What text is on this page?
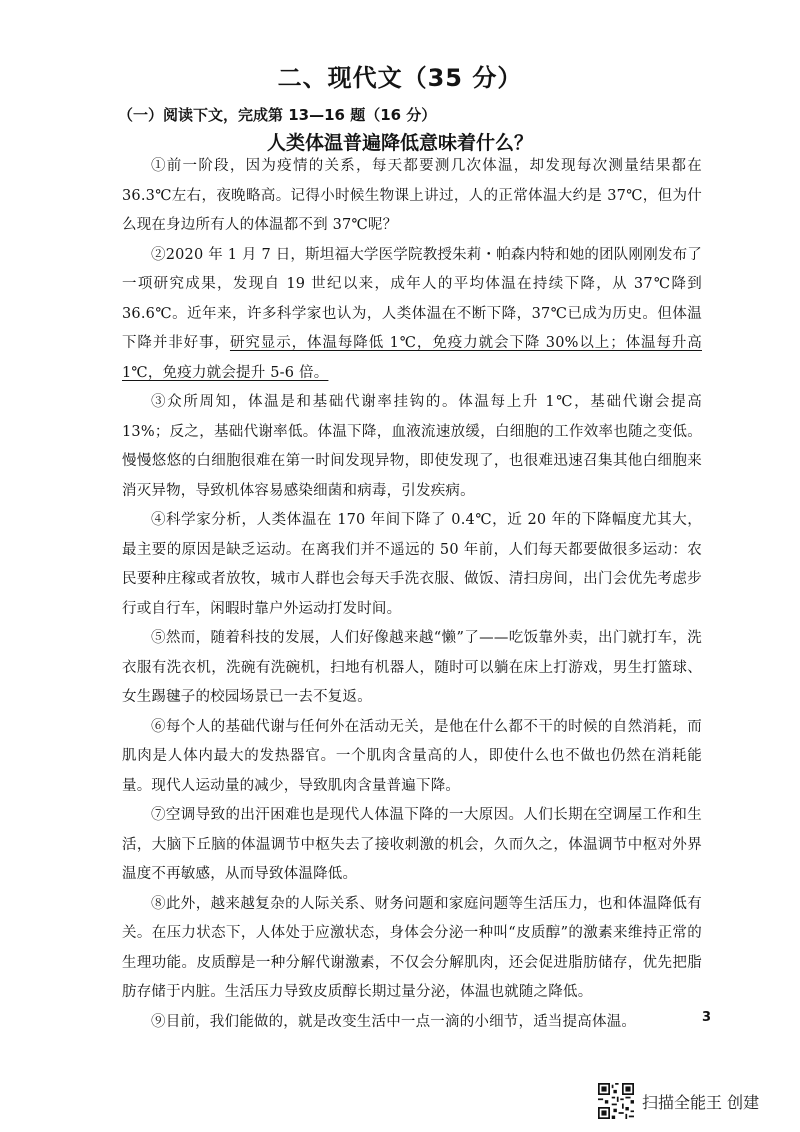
二、现代文（35 分）
（一）阅读下文，完成第 13—16 题（16 分）
人类体温普遍降低意味着什么？

①前一阶段，因为疫情的关系，每天都要测几次体温，却发现每次测量结果都在 36.3℃左右，夜晚略高。记得小时候生物课上讲过，人的正常体温大约是 37℃，但为什么现在身边所有人的体温都不到 37℃呢？

②2020 年 1 月 7 日，斯坦福大学医学院教授朱莉・帕森内特和她的团队刚刚发布了一项研究成果，发现自 19 世纪以来，成年人的平均体温在持续下降，从 37℃降到 36.6℃。近年来，许多科学家也认为，人类体温在不断下降，37℃已成为历史。但体温下降并非好事，研究显示，体温每降低 1℃，免疫力就会下降 30%以上；体温每升高 1℃，免疫力就会提升 5-6 倍。

③众所周知，体温是和基础代谢率挂钩的。体温每上升 1℃，基础代谢会提高 13%；反之，基础代谢率低。体温下降，血液流速放缓，白细胞的工作效率也随之变低。慢慢悠悠的白细胞很难在第一时间发现异物，即使发现了，也很难迅速召集其他白细胞来消灭异物，导致机体容易感染细菌和病毒，引发疾病。

④科学家分析，人类体温在 170 年间下降了 0.4℃，近 20 年的下降幅度尤其大，最主要的原因是缺乏运动。在离我们并不遥远的 50 年前，人们每天都要做很多运动：农民要种庄稼或者放牧，城市人群也会每天手洗衣服、做饭、清扫房间，出门会优先考虑步行或自行车，闲暇时靠户外运动打发时间。

⑤然而，随着科技的发展，人们好像越来越“懒”了——吃饭靠外卖，出门就打车，洗衣服有洗衣机，洗碗有洗碗机，扫地有机器人，随时可以躺在床上打游戏，男生打篮球、女生踢毽子的校园场景已一去不复返。

⑥每个人的基础代谢与任何外在活动无关，是他在什么都不干的时候的自然消耗，而肌肉是人体内最大的发热器官。一个肌肉含量高的人，即使什么也不做也仍然在消耗能量。现代人运动量的减少，导致肌肉含量普遍下降。

⑦空调导致的出汗困难也是现代人体温下降的一大原因。人们长期在空调屋工作和生活，大脑下丘脑的体温调节中枢失去了接收刺激的机会，久而久之，体温调节中枢对外界温度不再敏感，从而导致体温降低。

⑧此外，越来越复杂的人际关系、财务问题和家庭问题等生活压力，也和体温降低有关。在压力状态下，人体处于应激状态，身体会分泌一种叫“皮质醇”的激素来维持正常的生理功能。皮质醇是一种分解代谢激素，不仅会分解肌肉，还会促进脂肪储存，优先把脂肪存储于内脏。生活压力导致皮质醇长期过量分泌，体温也就随之降低。

⑨目前，我们能做的，就是改变生活中一点一滴的小细节，适当提高体温。	3
扫描全能王 创建
